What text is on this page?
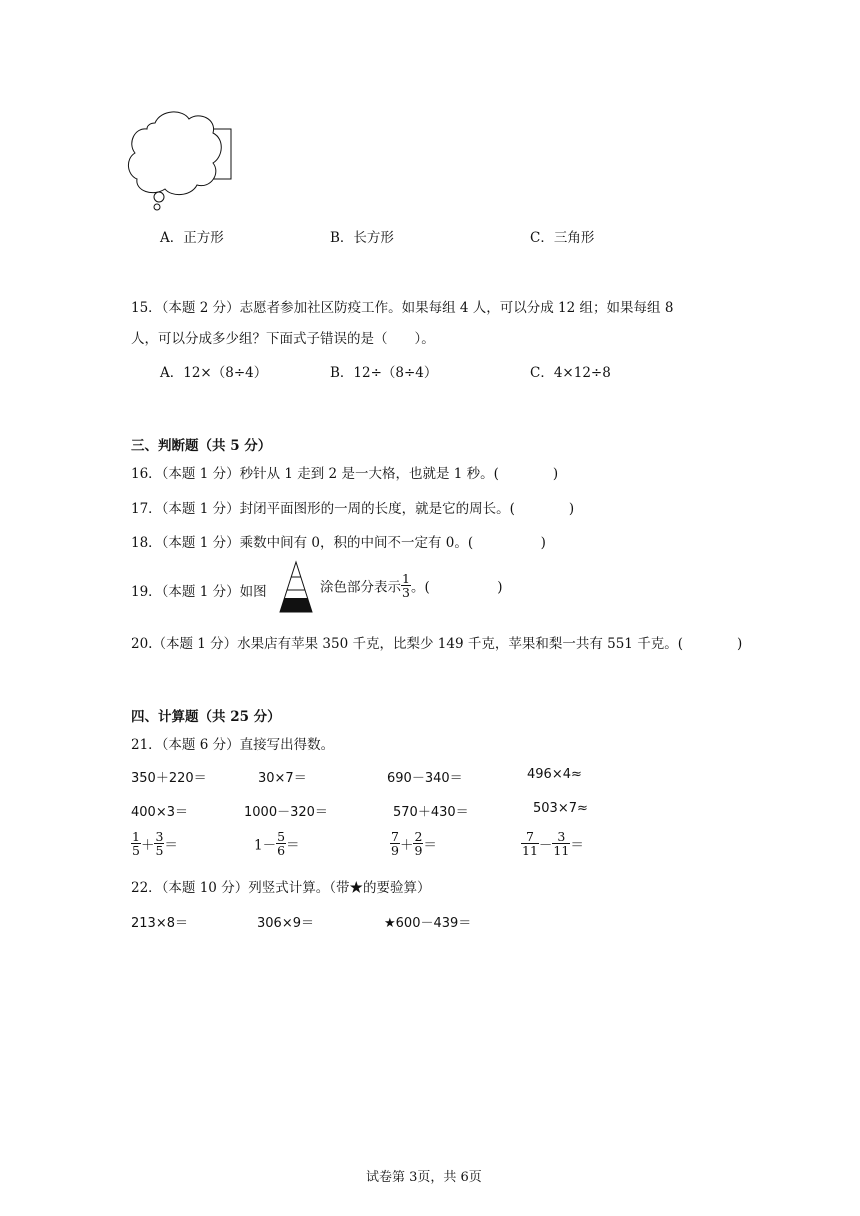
A．正方形	B．长方形	C．三角形
15．（本题 2 分）志愿者参加社区防疫工作。如果每组 4 人，可以分成 12 组；如果每组 8
人，可以分成多少组？下面式子错误的是（　　）。
A．12×（8÷4）	B．12÷（8÷4）	C．4×12÷8
三、判断题（共 5 分）
16．（本题 1 分）秒针从 1 走到 2 是一大格，也就是 1 秒。(　　　　)
17．（本题 1 分）封闭平面图形的一周的长度，就是它的周长。(　　　　)
18．（本题 1 分）乘数中间有 0，积的中间不一定有 0。(　　　　　)
19．（本题 1 分）如图	涂色部分表示 $\frac{1}{3}$ 。(　　　　　)
20.（本题 1 分）水果店有苹果 350 千克，比梨少 149 千克，苹果和梨一共有 551 千克。(　　　　)
四、计算题（共 25 分）
21．（本题 6 分）直接写出得数。
350＋220＝	30×7＝	690－340＝	496×4≈
400×3＝	1000－320＝	570＋430＝	503×7≈
$\frac{1}{5} + \frac{3}{5}$ ＝	$1- \frac{5}{6}$ ＝	$\frac{7}{9} + \frac{2}{9}$ ＝	$\frac{7}{11} - \frac{3}{11}$ ＝
22．（本题 10 分）列竖式计算。（带★的要验算）
213×8＝	306×9＝	★600－439＝
试卷第 3页，共 6页
